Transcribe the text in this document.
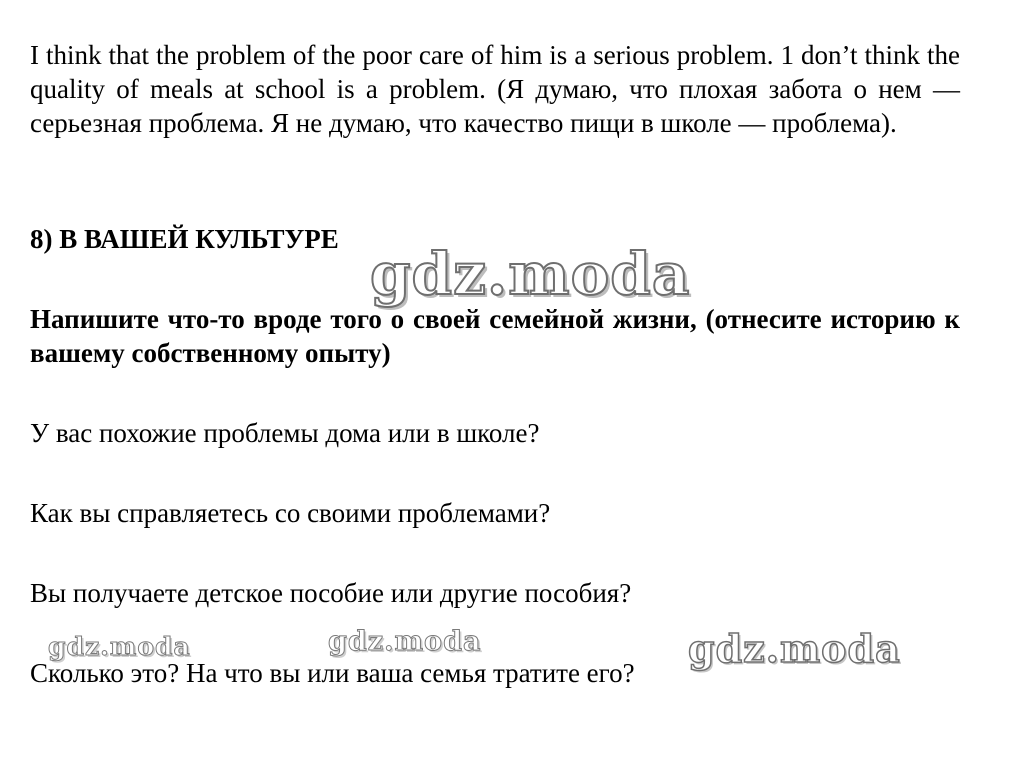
I think that the problem of the poor care of him is a serious problem. 1 don’t think the quality of meals at school is a problem. (Я думаю, что плохая забота о нем — серьезная проблема. Я не думаю, что качество пищи в школе — проблема).

8) В ВАШЕЙ КУЛЬТУРЕ

Напишите что-то вроде того о своей семейной жизни, (отнесите историю к вашему собственному опыту)

У вас похожие проблемы дома или в школе?

Как вы справляетесь со своими проблемами?

Вы получаете детское пособие или другие пособия?

Сколько это? На что вы или ваша семья тратите его?

gdz.moda
gdz.moda	gdz.moda	gdz.moda
